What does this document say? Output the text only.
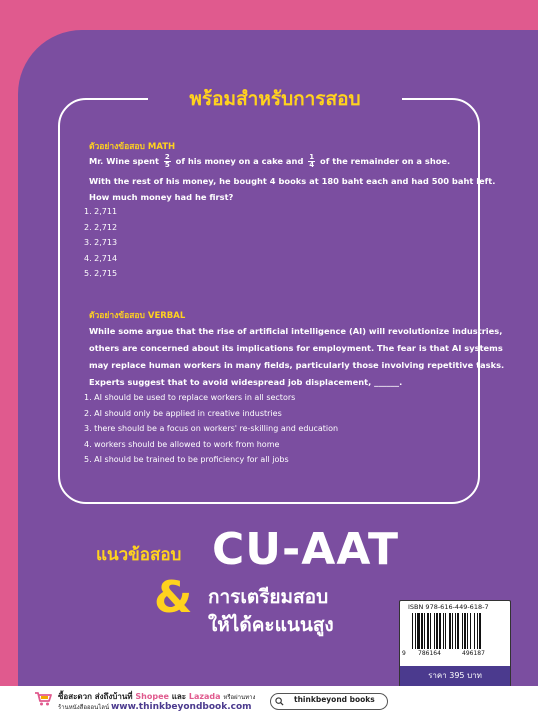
พร้อมสำหรับการสอบ
ตัวอย่างข้อสอบ MATH
Mr. Wine spent $\frac{2}{5}$ of his money on a cake and $\frac{1}{4}$ of the remainder on a shoe.
With the rest of his money, he bought 4 books at 180 baht each and had 500 baht left.
How much money had he first?
1. 2,711
2. 2,712
3. 2,713
4. 2,714
5. 2,715
ตัวอย่างข้อสอบ VERBAL
While some argue that the rise of artificial intelligence (AI) will revolutionize industries,
others are concerned about its implications for employment. The fear is that AI systems
may replace human workers in many fields, particularly those involving repetitive tasks.
Experts suggest that to avoid widespread job displacement, ______.
1. AI should be used to replace workers in all sectors
2. AI should only be applied in creative industries
3. there should be a focus on workers' re-skilling and education
4. workers should be allowed to work from home
5. AI should be trained to be proficiency for all jobs
แนวข้อสอบ CU-AAT
& การเตรียมสอบ
ให้ได้คะแนนสูง
ISBN 978-616-449-618-7
9 786164	496187
ราคา 395 บาท
ซื้อสะดวก ส่งถึงบ้านที่ Shopee และ Lazada หรือผ่านทาง
ร้านหนังสือออนไลน์ www.thinkbeyondbook.com
thinkbeyond books
